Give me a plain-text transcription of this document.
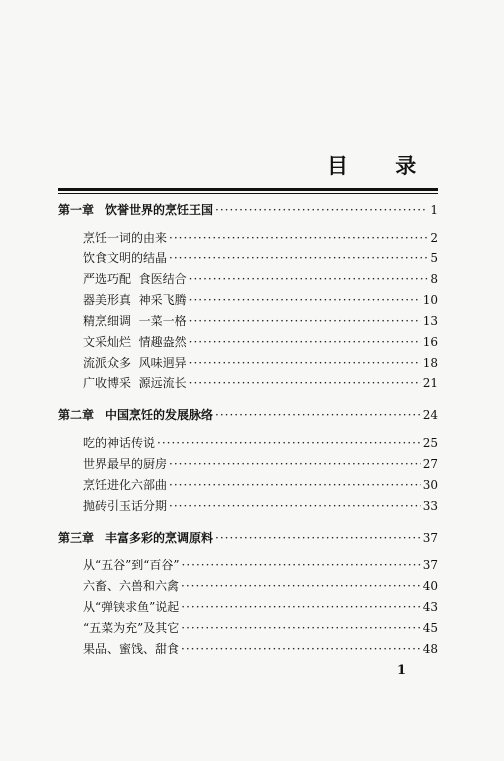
目 录
第一章 饮誉世界的烹饪王国 ·····	1
烹饪一词的由来 ·····	2
饮食文明的结晶 ·····	5
严选巧配  食医结合 ·····	8
器美形真  神采飞腾 ·····	10
精烹细调  一菜一格 ·····	13
文采灿烂  情趣盎然 ·····	16
流派众多  风味迥异 ·····	18
广收博采  源远流长 ·····	21
第二章 中国烹饪的发展脉络 ·····	24
吃的神话传说 ·····	25
世界最早的厨房 ·····	27
烹饪进化六部曲 ·····	30
抛砖引玉话分期 ·····	33
第三章 丰富多彩的烹调原料 ·····	37
从“五谷”到“百谷” ·····	37
六畜、六兽和六禽 ·····	40
从“弹铗求鱼”说起 ·····	43
“五菜为充”及其它 ·····	45
果品、蜜饯、甜食 ·····	48
1
